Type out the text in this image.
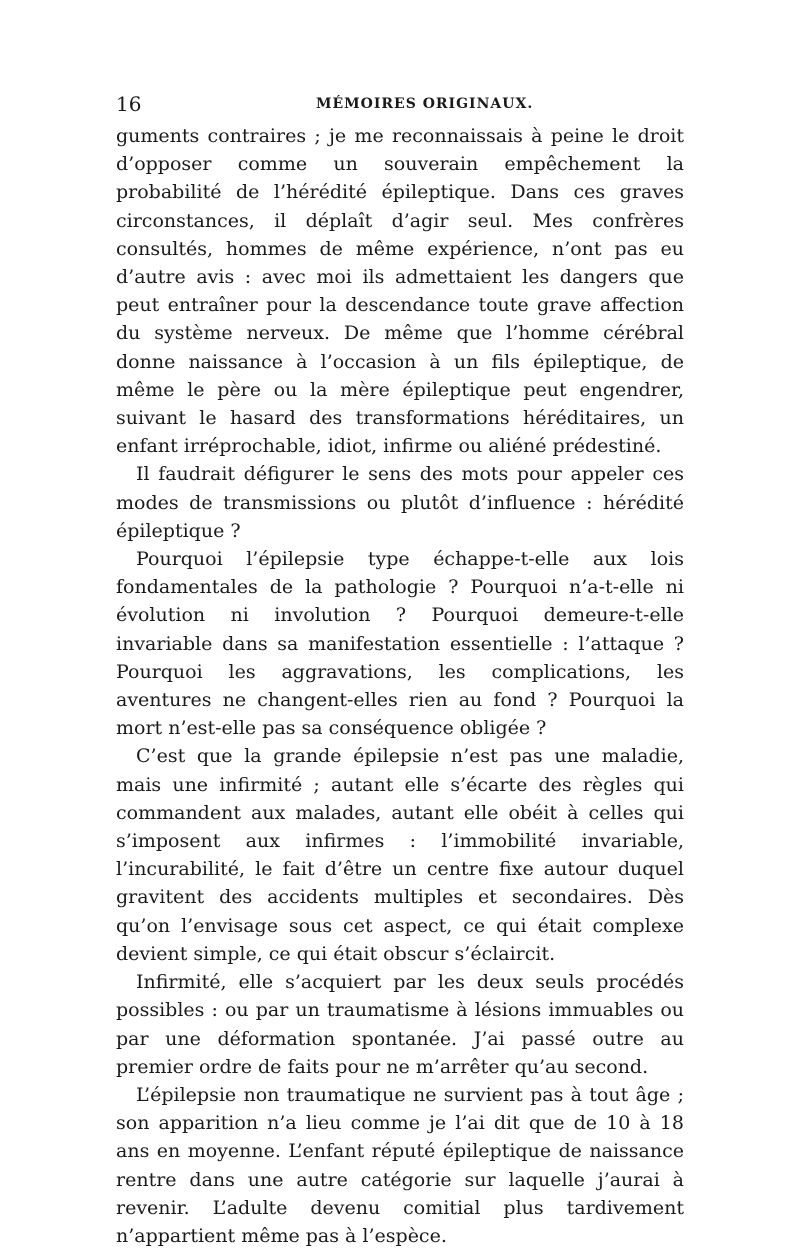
16	MÉMOIRES ORIGINAUX.

guments contraires ; je me reconnaissais à peine le droit d’opposer comme un souverain empêchement la probabilité de l’hérédité épileptique. Dans ces graves circonstances, il déplaît d’agir seul. Mes confrères consultés, hommes de même expérience, n’ont pas eu d’autre avis : avec moi ils admettaient les dangers que peut entraîner pour la descendance toute grave affection du système nerveux. De même que l’homme cérébral donne naissance à l’occasion à un fils épileptique, de même le père ou la mère épileptique peut engendrer, suivant le hasard des transformations héréditaires, un enfant irréprochable, idiot, infirme ou aliéné prédestiné.

Il faudrait défigurer le sens des mots pour appeler ces modes de transmissions ou plutôt d’influence : hérédité épileptique ?

Pourquoi l’épilepsie type échappe-t-elle aux lois fondamentales de la pathologie ? Pourquoi n’a-t-elle ni évolution ni involution ? Pourquoi demeure-t-elle invariable dans sa manifestation essentielle : l’attaque ? Pourquoi les aggravations, les complications, les aventures ne changent-elles rien au fond ? Pourquoi la mort n’est-elle pas sa conséquence obligée ?

C’est que la grande épilepsie n’est pas une maladie, mais une infirmité ; autant elle s’écarte des règles qui commandent aux malades, autant elle obéit à celles qui s’imposent aux infirmes : l’immobilité invariable, l’incurabilité, le fait d’être un centre fixe autour duquel gravitent des accidents multiples et secondaires. Dès qu’on l’envisage sous cet aspect, ce qui était complexe devient simple, ce qui était obscur s’éclaircit.

Infirmité, elle s’acquiert par les deux seuls procédés possibles : ou par un traumatisme à lésions immuables ou par une déformation spontanée. J’ai passé outre au premier ordre de faits pour ne m’arrêter qu’au second.

L’épilepsie non traumatique ne survient pas à tout âge ; son apparition n’a lieu comme je l’ai dit que de 10 à 18 ans en moyenne. L’enfant réputé épileptique de naissance rentre dans une autre catégorie sur laquelle j’aurai à revenir. L’adulte devenu comitial plus tardivement n’appartient même pas à l’espèce.
